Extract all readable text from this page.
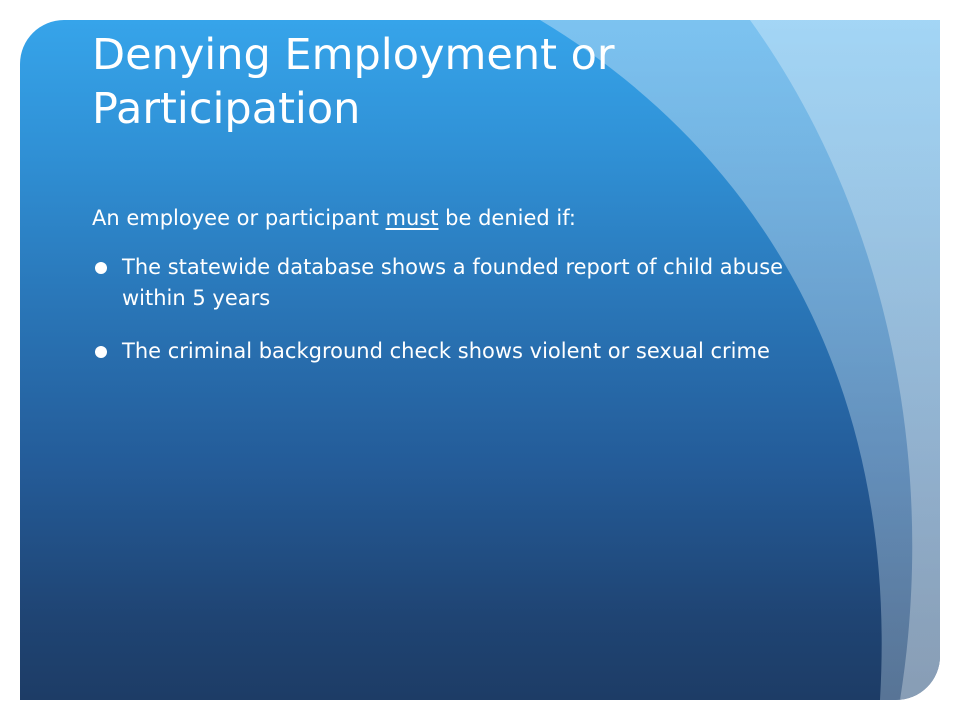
Denying Employment or Participation

An employee or participant must be denied if:

The statewide database shows a founded report of child abuse within 5 years
The criminal background check shows violent or sexual crime
